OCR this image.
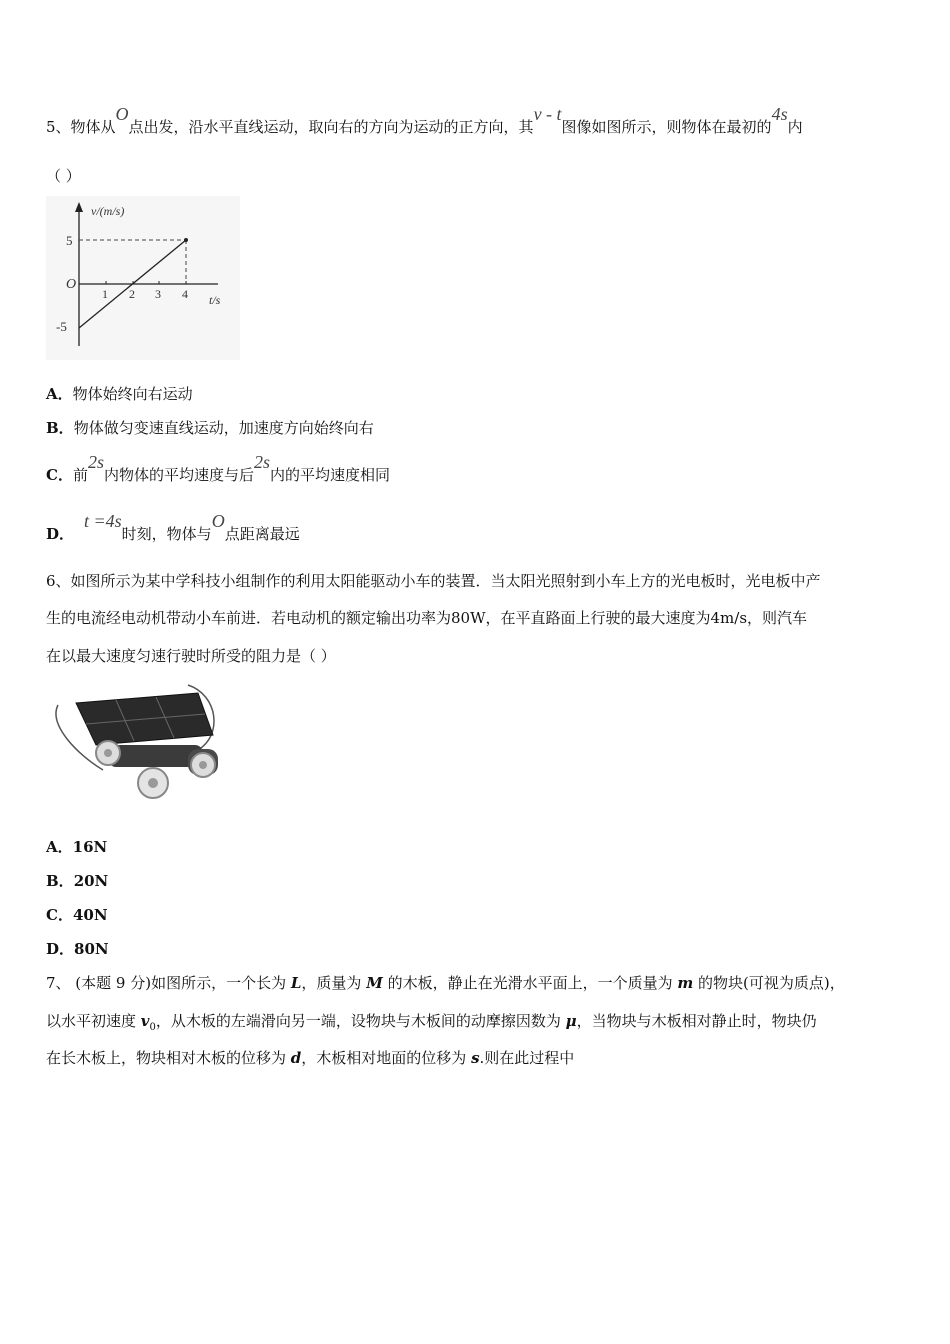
5、物体从O点出发，沿水平直线运动，取向右的方向为运动的正方向，其v - t图像如图所示，则物体在最初的4s内
（ ）
v/(m/s)
t/s
O
5
-5
1 2 3 4
A．物体始终向右运动
B．物体做匀变速直线运动，加速度方向始终向右
C．前2s内物体的平均速度与后2s内的平均速度相同
D．t =4s时刻，物体与O点距离最远
6、如图所示为某中学科技小组制作的利用太阳能驱动小车的装置．当太阳光照射到小车上方的光电板时，光电板中产
生的电流经电动机带动小车前进．若电动机的额定输出功率为80W，在平直路面上行驶的最大速度为4m/s，则汽车
在以最大速度匀速行驶时所受的阻力是（ ）
A．16N
B．20N
C．40N
D．80N
7、 (本题 9 分)如图所示，一个长为 L，质量为 M 的木板，静止在光滑水平面上，一个质量为 m 的物块(可视为质点)，
以水平初速度 $v_0$，从木板的左端滑向另一端，设物块与木板间的动摩擦因数为 μ，当物块与木板相对静止时，物块仍
在长木板上，物块相对木板的位移为 d，木板相对地面的位移为 s.则在此过程中
